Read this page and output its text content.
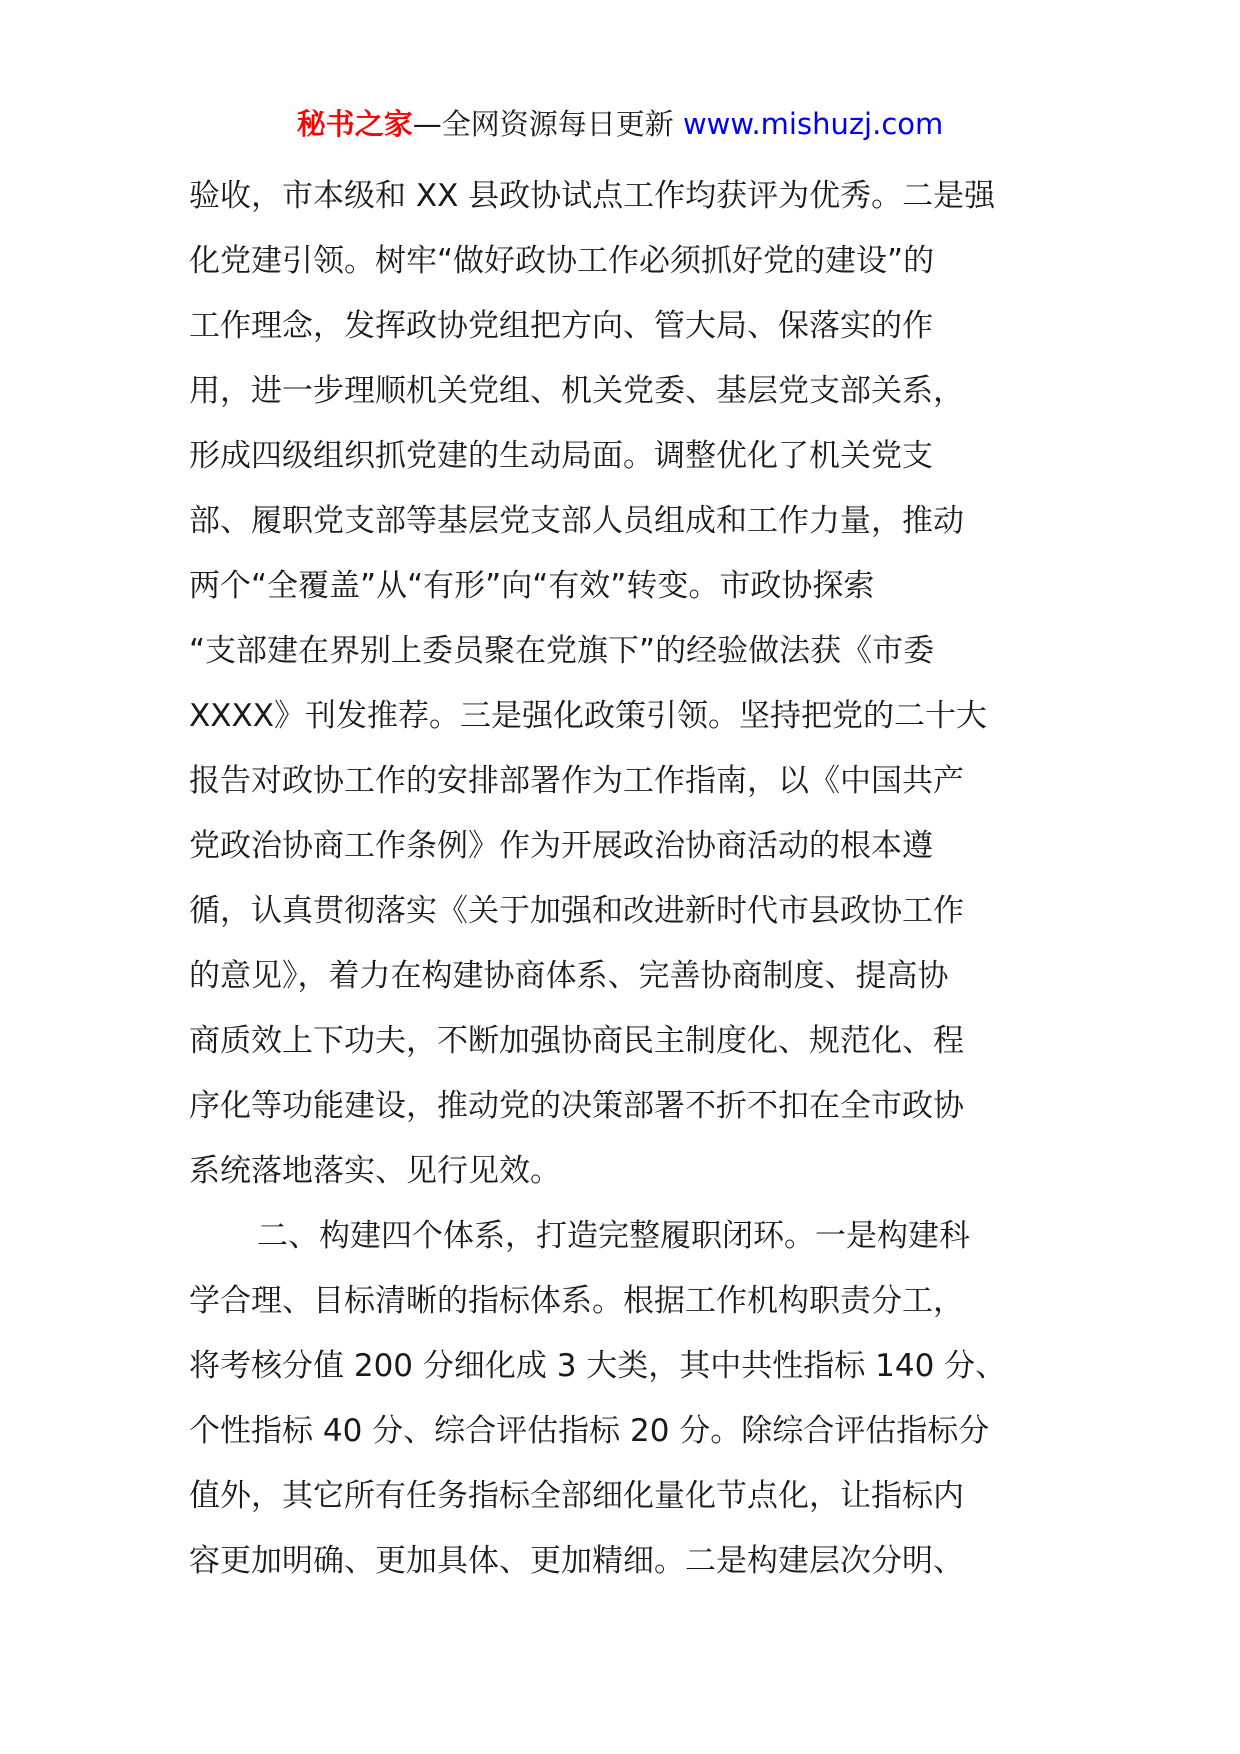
秘书之家—全网资源每日更新 www.mishuzj.com
验收，市本级和 XX 县政协试点工作均获评为优秀。二是强
化党建引领。树牢“做好政协工作必须抓好党的建设”的
工作理念，发挥政协党组把方向、管大局、保落实的作
用，进一步理顺机关党组、机关党委、基层党支部关系，
形成四级组织抓党建的生动局面。调整优化了机关党支
部、履职党支部等基层党支部人员组成和工作力量，推动
两个“全覆盖”从“有形”向“有效”转变。市政协探索
“支部建在界别上委员聚在党旗下”的经验做法获《市委
XXXX》刊发推荐。三是强化政策引领。坚持把党的二十大
报告对政协工作的安排部署作为工作指南，以《中国共产
党政治协商工作条例》作为开展政治协商活动的根本遵
循，认真贯彻落实《关于加强和改进新时代市县政协工作
的意见》，着力在构建协商体系、完善协商制度、提高协
商质效上下功夫，不断加强协商民主制度化、规范化、程
序化等功能建设，推动党的决策部署不折不扣在全市政协
系统落地落实、见行见效。
二、构建四个体系，打造完整履职闭环。一是构建科
学合理、目标清晰的指标体系。根据工作机构职责分工，
将考核分值 200 分细化成 3 大类，其中共性指标 140 分、
个性指标 40 分、综合评估指标 20 分。除综合评估指标分
值外，其它所有任务指标全部细化量化节点化，让指标内
容更加明确、更加具体、更加精细。二是构建层次分明、
